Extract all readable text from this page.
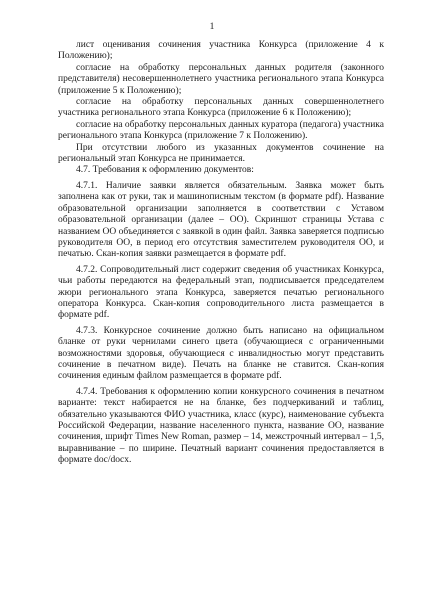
1

лист оценивания сочинения участника Конкурса (приложение 4 к Положению);

согласие на обработку персональных данных родителя (законного представителя) несовершеннолетнего участника регионального этапа Конкурса (приложение 5 к Положению);

согласие на обработку персональных данных совершеннолетнего участника регионального этапа Конкурса (приложение 6 к Положению);

согласие на обработку персональных данных куратора (педагога) участника регионального этапа Конкурса (приложение 7 к Положению).

При отсутствии любого из указанных документов сочинение на региональный этап Конкурса не принимается.

4.7. Требования к оформлению документов:

4.7.1. Наличие заявки является обязательным. Заявка может быть заполнена как от руки, так и машинописным текстом (в формате pdf). Название образовательной организации заполняется в соответствии с Уставом образовательной организации (далее – ОО). Скриншот страницы Устава с названием ОО объединяется с заявкой в один файл. Заявка заверяется подписью руководителя ОО, в период его отсутствия заместителем руководителя ОО, и печатью. Скан-копия заявки размещается в формате pdf.

4.7.2. Сопроводительный лист содержит сведения об участниках Конкурса, чьи работы передаются на федеральный этап, подписывается председателем жюри регионального этапа Конкурса, заверяется печатью регионального оператора Конкурса. Скан-копия сопроводительного листа размещается в формате pdf.

4.7.3. Конкурсное сочинение должно быть написано на официальном бланке от руки чернилами синего цвета (обучающиеся с ограниченными возможностями здоровья, обучающиеся с инвалидностью могут представить сочинение в печатном виде). Печать на бланке не ставится. Скан-копия сочинения единым файлом размещается в формате pdf.

4.7.4. Требования к оформлению копии конкурсного сочинения в печатном варианте: текст набирается не на бланке, без подчеркиваний и таблиц, обязательно указываются ФИО участника, класс (курс), наименование субъекта Российской Федерации, название населенного пункта, название ОО, название сочинения, шрифт Times New Roman, размер – 14, межстрочный интервал – 1,5, выравнивание – по ширине. Печатный вариант сочинения предоставляется в формате doc/docx.
